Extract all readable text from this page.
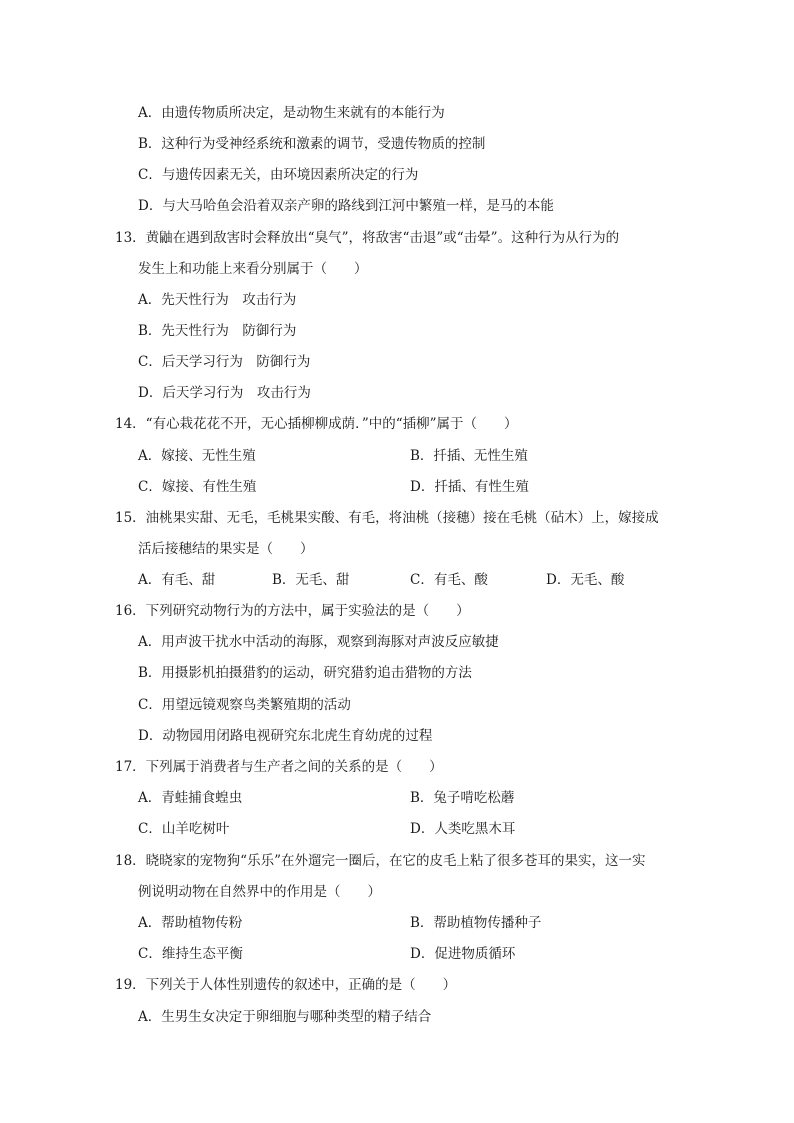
A．由遗传物质所决定，是动物生来就有的本能行为
B．这种行为受神经系统和激素的调节，受遗传物质的控制
C．与遗传因素无关，由环境因素所决定的行为
D．与大马哈鱼会沿着双亲产卵的路线到江河中繁殖一样，是马的本能
13．黄鼬在遇到敌害时会释放出“臭气”，将敌害“击退”或“击晕”。这种行为从行为的
发生上和功能上来看分别属于（　　）
A．先天性行为　攻击行为
B．先天性行为　防御行为
C．后天学习行为　防御行为
D．后天学习行为　攻击行为
14．“有心栽花花不开，无心插柳柳成荫．”中的“插柳”属于（　　）
A．嫁接、无性生殖	B．扦插、无性生殖
C．嫁接、有性生殖	D．扦插、有性生殖
15．油桃果实甜、无毛，毛桃果实酸、有毛，将油桃（接穗）接在毛桃（砧木）上，嫁接成
活后接穗结的果实是（　　）
A．有毛、甜	B．无毛、甜	C．有毛、酸	D．无毛、酸
16．下列研究动物行为的方法中，属于实验法的是（　　）
A．用声波干扰水中活动的海豚，观察到海豚对声波反应敏捷
B．用摄影机拍摄猎豹的运动，研究猎豹追击猎物的方法
C．用望远镜观察鸟类繁殖期的活动
D．动物园用闭路电视研究东北虎生育幼虎的过程
17．下列属于消费者与生产者之间的关系的是（　　）
A．青蛙捕食蝗虫	B．兔子啃吃松蘑
C．山羊吃树叶	D．人类吃黑木耳
18．晓晓家的宠物狗“乐乐”在外遛完一圈后，在它的皮毛上粘了很多苍耳的果实，这一实
例说明动物在自然界中的作用是（　　）
A．帮助植物传粉	B．帮助植物传播种子
C．维持生态平衡	D．促进物质循环
19．下列关于人体性别遗传的叙述中，正确的是（　　）
A．生男生女决定于卵细胞与哪种类型的精子结合
